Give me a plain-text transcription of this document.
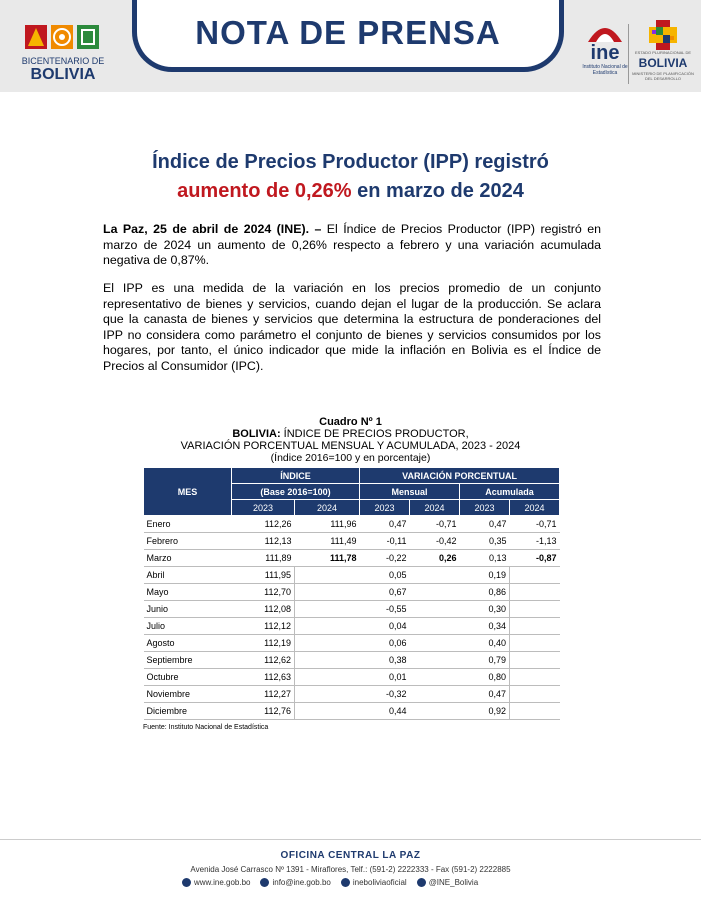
BICENTENARIO DE
BOLIVIA
NOTA DE PRENSA
ine
Instituto Nacional de Estadística
ESTADO PLURINACIONAL DE
BOLIVIA
MINISTERIO DE PLANIFICACIÓN DEL DESARROLLO
Índice de Precios Productor (IPP) registró
aumento de 0,26% en marzo de 2024
La Paz, 25 de abril de 2024 (INE). – El Índice de Precios Productor (IPP) registró en marzo de 2024 un aumento de 0,26% respecto a febrero y una variación acumulada negativa de 0,87%.
El IPP es una medida de la variación en los precios promedio de un conjunto representativo de bienes y servicios, cuando dejan el lugar de la producción. Se aclara que la canasta de bienes y servicios que determina la estructura de ponderaciones del IPP no considera como parámetro el conjunto de bienes y servicios consumidos por los hogares, por tanto, el único indicador que mide la inflación en Bolivia es el Índice de Precios al Consumidor (IPC).
Cuadro Nº 1
BOLIVIA: ÍNDICE DE PRECIOS PRODUCTOR,
VARIACIÓN PORCENTUAL MENSUAL Y ACUMULADA, 2023 - 2024
(Índice 2016=100 y en porcentaje)
MES	ÍNDICE		VARIACIÓN PORCENTUAL			
	(Base 2016=100)		Mensual		Acumulada	
	2023	2024	2023	2024	2023	2024
Enero	112,26	111,96	0,47	-0,71	0,47	-0,71
Febrero	112,13	111,49	-0,11	-0,42	0,35	-1,13
Marzo	111,89	111,78	-0,22	0,26	0,13	-0,87
Abril	111,95		0,05		0,19	
Mayo	112,70		0,67		0,86	
Junio	112,08		-0,55		0,30	
Julio	112,12		0,04		0,34	
Agosto	112,19		0,06		0,40	
Septiembre	112,62		0,38		0,79	
Octubre	112,63		0,01		0,80	
Noviembre	112,27		-0,32		0,47	
Diciembre	112,76		0,44		0,92	
Fuente: Instituto Nacional de Estadística
OFICINA CENTRAL LA PAZ
Avenida José Carrasco Nº 1391 - Miraflores, Telf.: (591-2) 2222333 - Fax (591-2) 2222885
www.ine.gob.bo	info@ine.gob.bo	ineboliviaoficial	@INE_Bolivia
